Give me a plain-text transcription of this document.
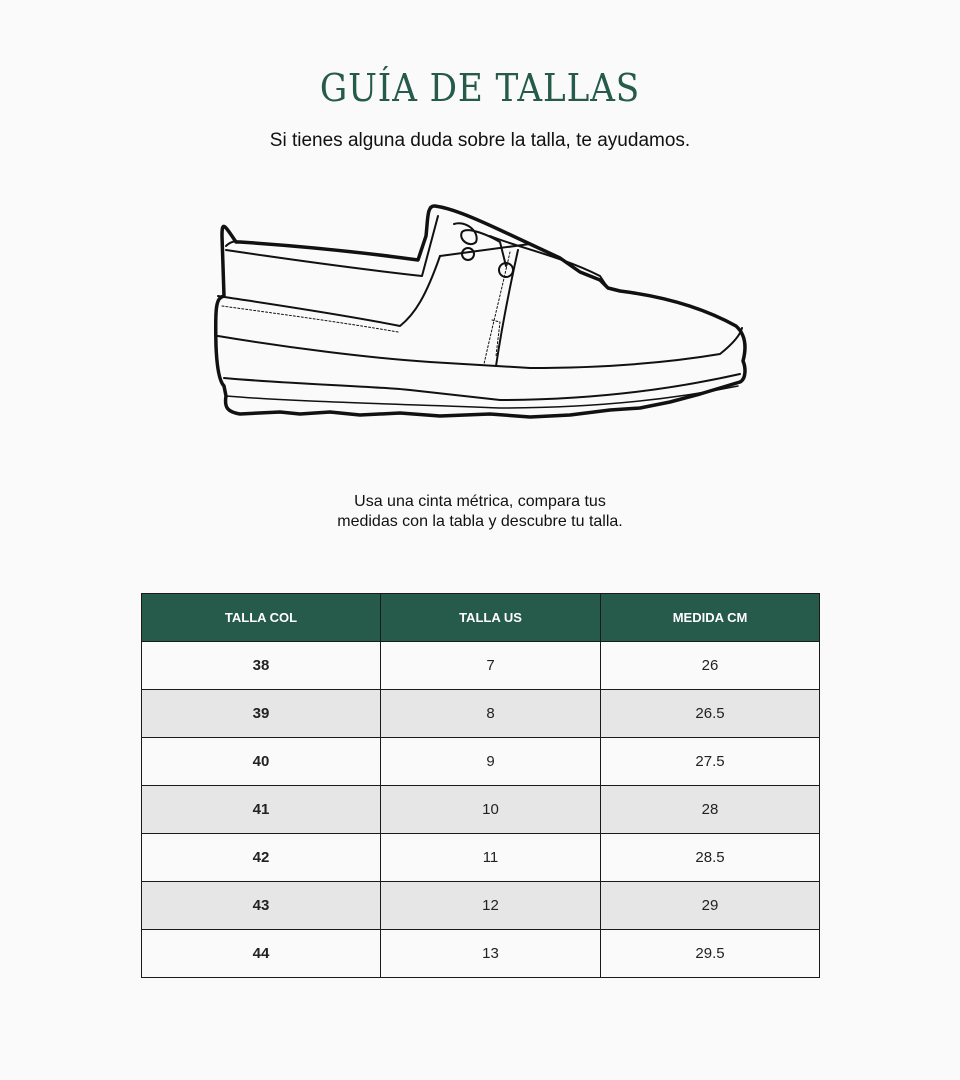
GUÍA DE TALLAS

Si tienes alguna duda sobre la talla, te ayudamos.

Usa una cinta métrica, compara tus
medidas con la tabla y descubre tu talla.

TALLA COL	TALLA US	MEDIDA CM
38	7	26
39	8	26.5
40	9	27.5
41	10	28
42	11	28.5
43	12	29
44	13	29.5
